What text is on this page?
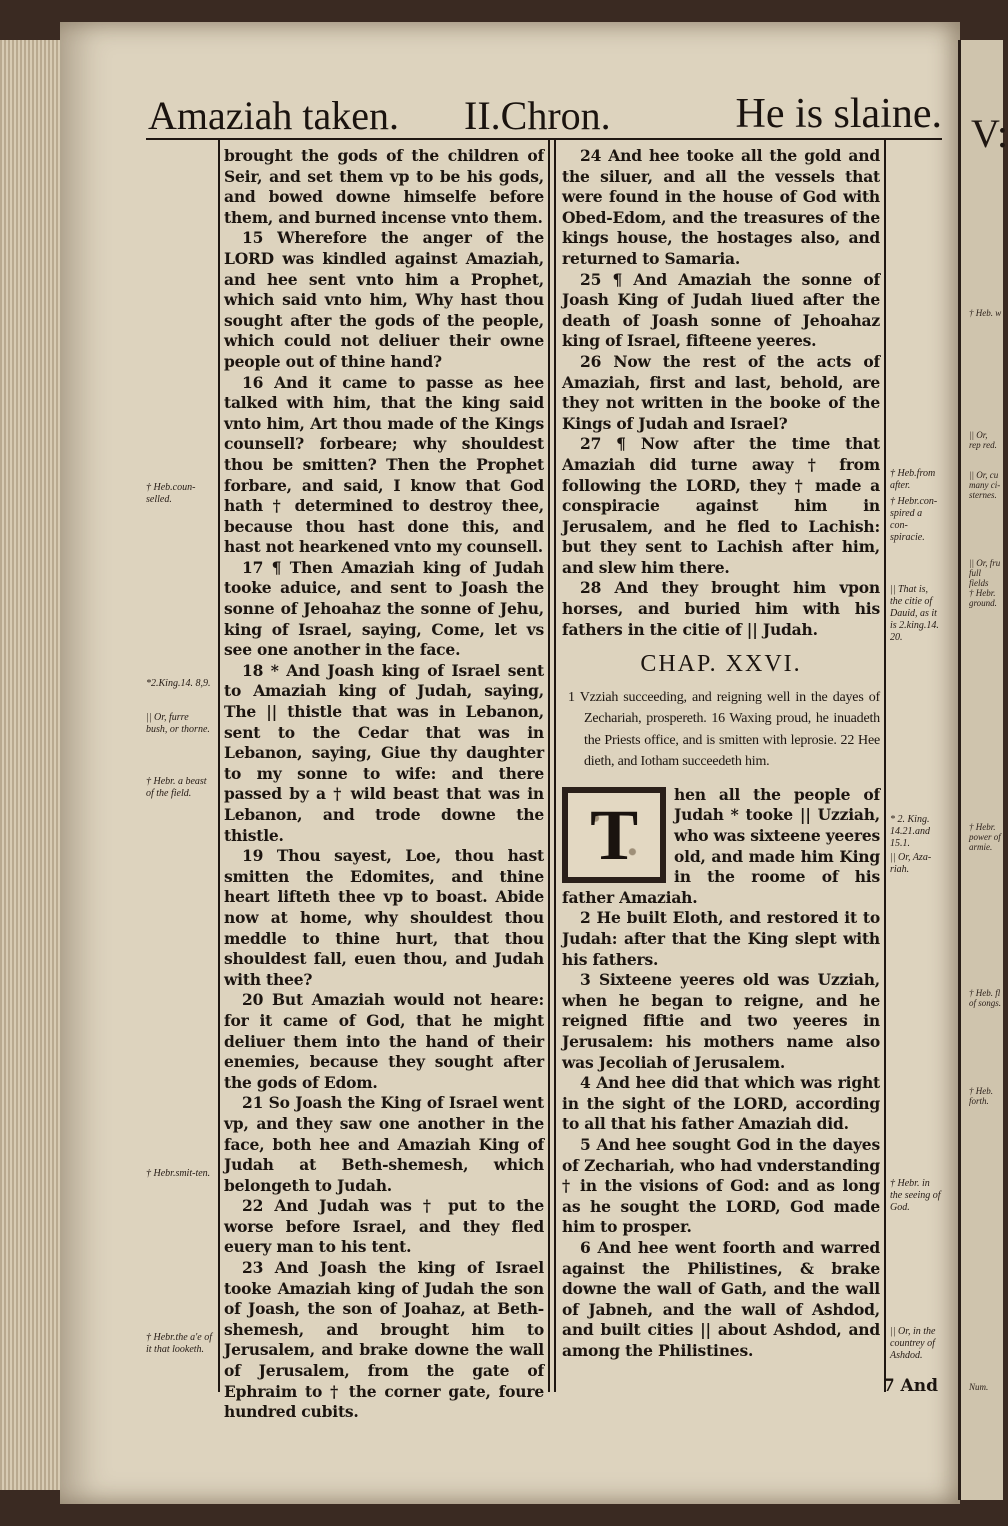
V:
† Heb. w
|| Or, rep red.
|| Or, cu many ci-sternes.
|| Or, fru full fields
† Hebr. ground.
† Hebr. power of armie.
† Heb. fl of songs.
† Heb. forth.
Num.
Amaziah taken. II.Chron.	He is slaine.
† Heb.coun-selled.
*2.King.14. 8,9.
|| Or, furre bush, or thorne.
† Hebr. a beast of the field.
† Hebr.smit-ten.
† Hebr.the a'e of it that looketh.

brought the gods of the children of Seir, and set them vp to be his gods, and bowed downe himselfe before them, and burned incense vnto them.

15 Wherefore the anger of the LORD was kindled against Amaziah, and hee sent vnto him a Prophet, which said vnto him, Why hast thou sought after the gods of the people, which could not deliuer their owne people out of thine hand?

16 And it came to passe as hee talked with him, that the king said vnto him, Art thou made of the Kings counsell? forbeare; why shouldest thou be smitten? Then the Prophet forbare, and said, I know that God hath † determined to destroy thee, because thou hast done this, and hast not hearkened vnto my counsell.

17 ¶ Then Amaziah king of Judah tooke aduice, and sent to Joash the sonne of Jehoahaz the sonne of Jehu, king of Israel, saying, Come, let vs see one another in the face.

18 * And Joash king of Israel sent to Amaziah king of Judah, saying, The || thistle that was in Lebanon, sent to the Cedar that was in Lebanon, saying, Giue thy daughter to my sonne to wife: and there passed by a † wild beast that was in Lebanon, and trode downe the thistle.

19 Thou sayest, Loe, thou hast smitten the Edomites, and thine heart lifteth thee vp to boast. Abide now at home, why shouldest thou meddle to thine hurt, that thou shouldest fall, euen thou, and Judah with thee?

20 But Amaziah would not heare: for it came of God, that he might deliuer them into the hand of their enemies, because they sought after the gods of Edom.

21 So Joash the King of Israel went vp, and they saw one another in the face, both hee and Amaziah King of Judah at Beth-shemesh, which belongeth to Judah.

22 And Judah was † put to the worse before Israel, and they fled euery man to his tent.

23 And Joash the king of Israel tooke Amaziah king of Judah the son of Joash, the son of Joahaz, at Beth-shemesh, and brought him to Jerusalem, and brake downe the wall of Jerusalem, from the gate of Ephraim to † the corner gate, foure hundred cubits.

24 And hee tooke all the gold and the siluer, and all the vessels that were found in the house of God with Obed-Edom, and the treasures of the kings house, the hostages also, and returned to Samaria.

25 ¶ And Amaziah the sonne of Joash King of Judah liued after the death of Joash sonne of Jehoahaz king of Israel, fifteene yeeres.

26 Now the rest of the acts of Amaziah, first and last, behold, are they not written in the booke of the Kings of Judah and Israel?

27 ¶ Now after the time that Amaziah did turne away † from following the LORD, they † made a conspiracie against him in Jerusalem, and he fled to Lachish: but they sent to Lachish after him, and slew him there.

28 And they brought him vpon horses, and buried him with his fathers in the citie of || Judah.

CHAP. XXVI.
1 Vzziah succeeding, and reigning well in the dayes of Zechariah, prospereth. 16 Waxing proud, he inuadeth the Priests office, and is smitten with leprosie. 22 Hee dieth, and Iotham succeedeth him.
T

hen all the people of Judah * tooke || Uzziah, who was sixteene yeeres old, and made him King in the roome of his father Amaziah.

2 He built Eloth, and restored it to Judah: after that the King slept with his fathers.

3 Sixteene yeeres old was Uzziah, when he began to reigne, and he reigned fiftie and two yeeres in Jerusalem: his mothers name also was Jecoliah of Jerusalem.

4 And hee did that which was right in the sight of the LORD, according to all that his father Amaziah did.

5 And hee sought God in the dayes of Zechariah, who had vnderstanding † in the visions of God: and as long as he sought the LORD, God made him to prosper.

6 And hee went foorth and warred against the Philistines, & brake downe the wall of Gath, and the wall of Jabneh, and the wall of Ashdod, and built cities || about Ashdod, and among the Philistines.

† Heb.from after.
† Hebr.con-spired a con-spiracie.
|| That is, the citie of Dauid, as it is 2.king.14. 20.
* 2. King. 14.21.and 15.1.
|| Or, Aza-riah.
† Hebr. in the seeing of God.
|| Or, in the countrey of Ashdod.
7 And
